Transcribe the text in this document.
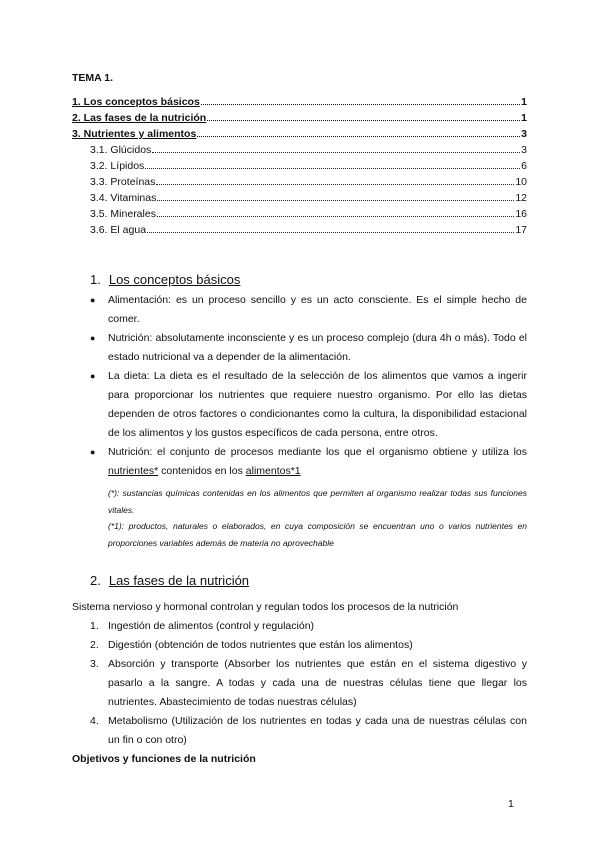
TEMA 1.
1. Los conceptos básicos	1
2. Las fases de la nutrición	1
3. Nutrientes y alimentos	3
3.1. Glúcidos	3
3.2. Lípidos	6
3.3. Proteínas	10
3.4. Vitaminas	12
3.5. Minerales	16
3.6. El agua	17
1. Los conceptos básicos
● Alimentación: es un proceso sencillo y es un acto consciente. Es el simple hecho de comer.
● Nutrición: absolutamente inconsciente y es un proceso complejo (dura 4h o más). Todo el estado nutricional va a depender de la alimentación.
● La dieta: La dieta es el resultado de la selección de los alimentos que vamos a ingerir para proporcionar los nutrientes que requiere nuestro organismo. Por ello las dietas dependen de otros factores o condicionantes como la cultura, la disponibilidad estacional de los alimentos y los gustos específicos de cada persona, entre otros.
● Nutrición: el conjunto de procesos mediante los que el organismo obtiene y utiliza los nutrientes* contenidos en los alimentos*1
(*): sustancias químicas contenidas en los alimentos que permiten al organismo realizar todas sus funciones vitales.
(*1): productos, naturales o elaborados, en cuya composición se encuentran uno o varios nutrientes en proporciones variables además de materia no aprovechable
2. Las fases de la nutrición
Sistema nervioso y hormonal controlan y regulan todos los procesos de la nutrición
1. Ingestión de alimentos (control y regulación)
2. Digestión (obtención de todos nutrientes que están los alimentos)
3. Absorción y transporte (Absorber los nutrientes que están en el sistema digestivo y pasarlo a la sangre. A todas y cada una de nuestras células tiene que llegar los nutrientes. Abastecimiento de todas nuestras células)
4. Metabolismo (Utilización de los nutrientes en todas y cada una de nuestras células con un fin o con otro)
Objetivos y funciones de la nutrición
1
